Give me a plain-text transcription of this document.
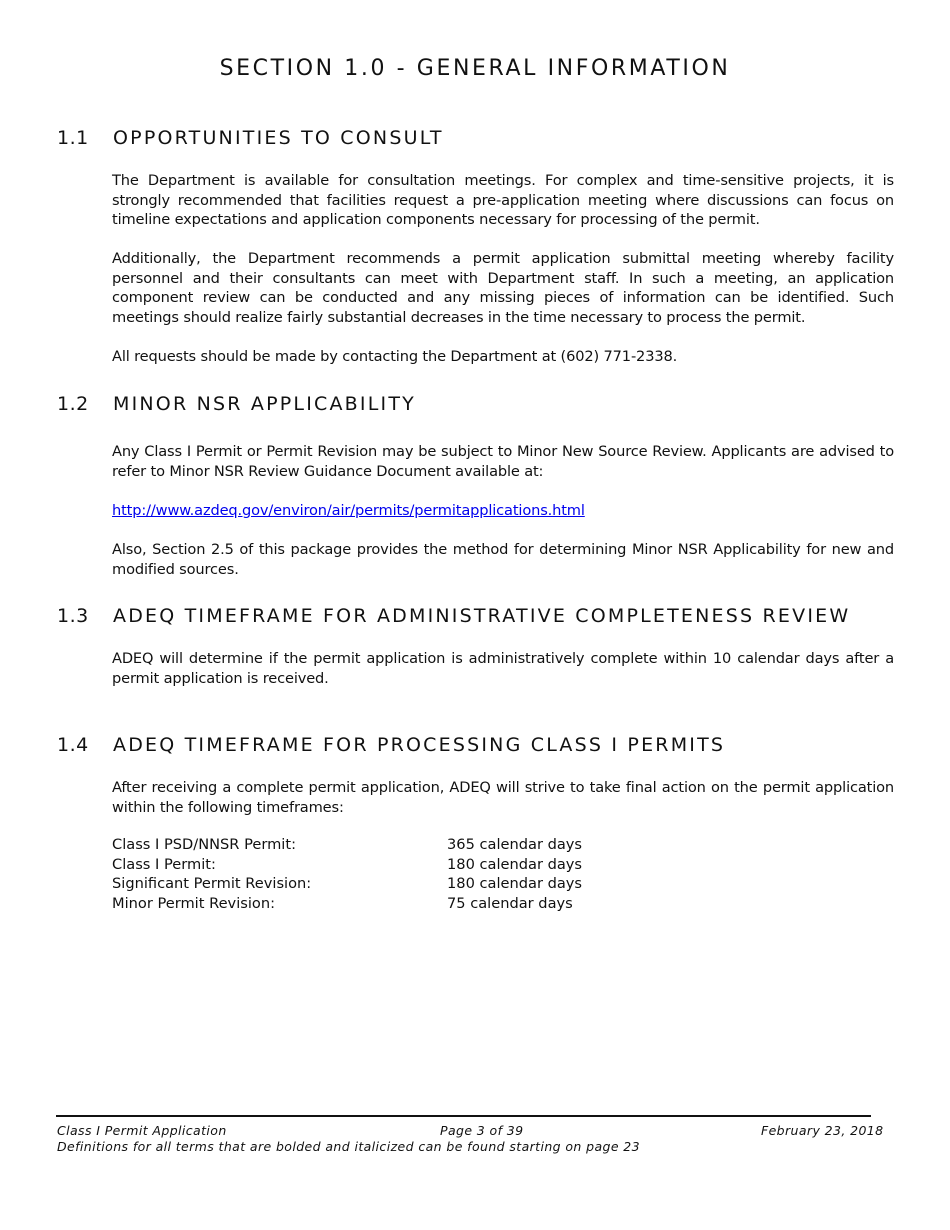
SECTION 1.0 - GENERAL INFORMATION
1.1 OPPORTUNITIES TO CONSULT

The Department is available for consultation meetings. For complex and time-sensitive projects, it is strongly recommended that facilities request a pre-application meeting where discussions can focus on timeline expectations and application components necessary for processing of the permit.

Additionally, the Department recommends a permit application submittal meeting whereby facility personnel and their consultants can meet with Department staff. In such a meeting, an application component review can be conducted and any missing pieces of information can be identified. Such meetings should realize fairly substantial decreases in the time necessary to process the permit.

All requests should be made by contacting the Department at (602) 771-2338.

1.2 MINOR NSR APPLICABILITY

Any Class I Permit or Permit Revision may be subject to Minor New Source Review. Applicants are advised to refer to Minor NSR Review Guidance Document available at:

http://www.azdeq.gov/environ/air/permits/permitapplications.html

Also, Section 2.5 of this package provides the method for determining Minor NSR Applicability for new and modified sources.

1.3 ADEQ TIMEFRAME FOR ADMINISTRATIVE COMPLETENESS REVIEW

ADEQ will determine if the permit application is administratively complete within 10 calendar days after a permit application is received.

1.4 ADEQ TIMEFRAME FOR PROCESSING CLASS I PERMITS

After receiving a complete permit application, ADEQ will strive to take final action on the permit application within the following timeframes:

Class I PSD/NNSR Permit:	365 calendar days
Class I Permit:	180 calendar days
Significant Permit Revision:	180 calendar days
Minor Permit Revision:	75 calendar days
Class I Permit Application	Page 3 of 39	February 23, 2018
Definitions for all terms that are bolded and italicized can be found starting on page 23
